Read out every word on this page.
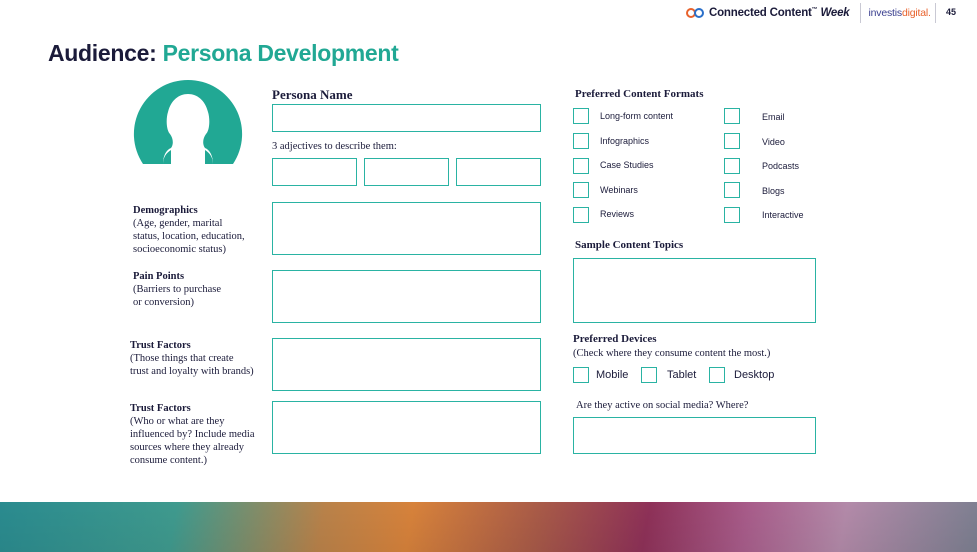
Connected Content™ Week investisdigital. 45
Audience: Persona Development
Persona Name
3 adjectives to describe them:
Demographics
(Age, gender, marital
status, location, education,
socioeconomic status)
Pain Points
(Barriers to purchase
or conversion)
Trust Factors
(Those things that create
trust and loyalty with brands)
Trust Factors
(Who or what are they
influenced by? Include media
sources where they already
consume content.)
Preferred Content Formats
Long-form content
Infographics
Case Studies
Webinars
Reviews
Email
Video
Podcasts
Blogs
Interactive
Sample Content Topics
Preferred Devices
(Check where they consume content the most.)
Mobile	Tablet	Desktop
Are they active on social media? Where?
